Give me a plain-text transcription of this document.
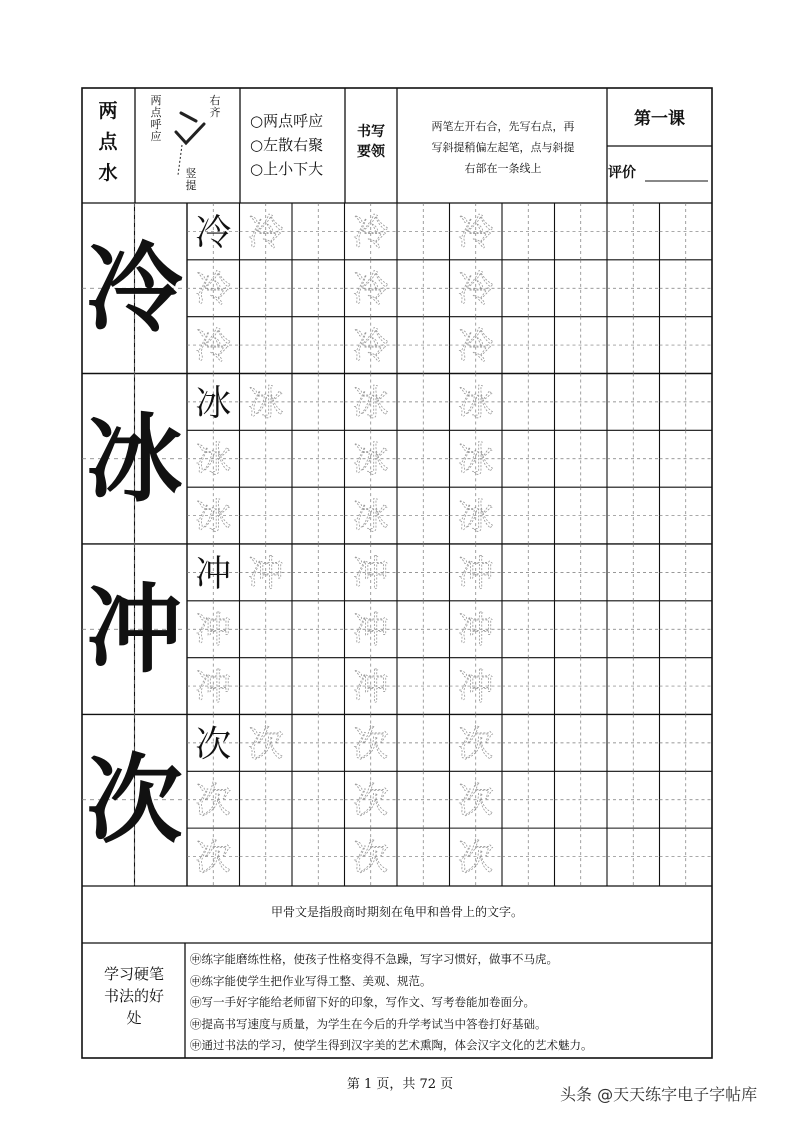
冷
冰
冲
次
冷 冷 冷 冷
冷	冷 冷
冷	冷 冷
冰 冰 冰 冰
冰	冰 冰
冰	冰 冰
冲 冲 冲 冲
冲	冲 冲
冲	冲 冲
次 次 次 次
次	次 次
次	次 次
两
点
水
两点呼应
右齐
竖提
○两点呼应
○左散右聚
○上小下大
书写
要领
两笔左开右合，先写右点，再
写斜提稍偏左起笔，点与斜提
右部在一条线上
第一课
评价
甲骨文是指殷商时期刻在龟甲和兽骨上的文字。
学习硬笔
书法的好
处
㊥练字能磨练性格，使孩子性格变得不急躁，写字习惯好，做事不马虎。
㊥练字能使学生把作业写得工整、美观、规范。
㊥写一手好字能给老师留下好的印象，写作文、写考卷能加卷面分。
㊥提高书写速度与质量，为学生在今后的升学考试当中答卷打好基础。
㊥通过书法的学习，使学生得到汉字美的艺术熏陶，体会汉字文化的艺术魅力。
第 1 页，共 72 页
头条 @天天练字电子字帖库
